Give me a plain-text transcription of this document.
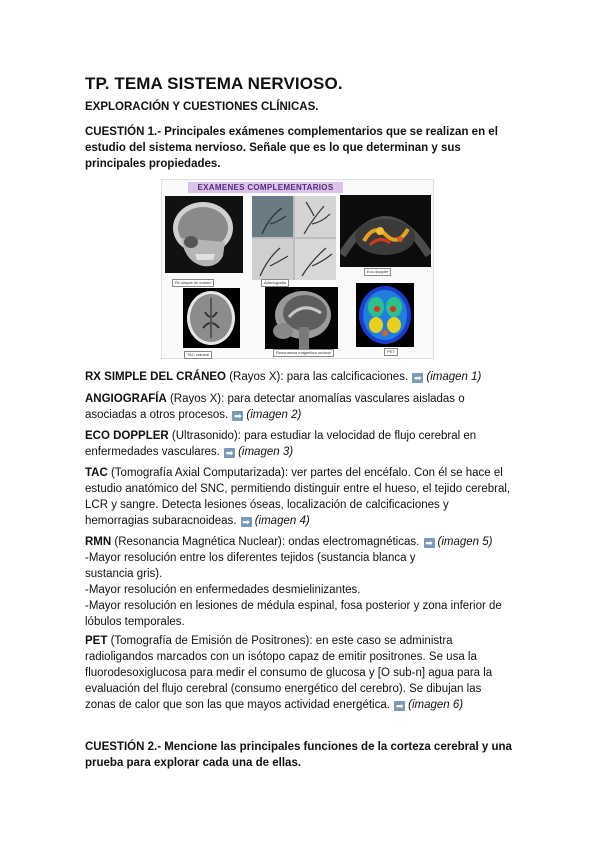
TP. TEMA SISTEMA NERVIOSO.

EXPLORACIÓN Y CUESTIONES CLÍNICAS.

CUESTIÓN 1.- Principales exámenes complementarios que se realizan en el estudio del sistema nervioso. Señale que es lo que determinan y sus principales propiedades.

EXAMENES COMPLEMENTARIOS
Rx simple de craneo	Arteriografía
Eco doppler
TAC craneal	Resonancia magnética nuclear	PET

RX SIMPLE DEL CRÁNEO (Rayos X): para las calcificaciones. ➡ (imagen 1)

ANGIOGRAFÍA (Rayos X): para detectar anomalías vasculares aisladas o asociadas a otros procesos. ➡ (imagen 2)

ECO DOPPLER (Ultrasonido): para estudiar la velocidad de flujo cerebral en enfermedades vasculares. ➡ (imagen 3)

TAC (Tomografía Axial Computarizada): ver partes del encéfalo. Con él se hace el estudio anatómico del SNC, permitiendo distinguir entre el hueso, el tejido cerebral, LCR y sangre. Detecta lesiones óseas, localización de calcificaciones y hemorragias subaracnoideas. ➡ (imagen 4)

RMN (Resonancia Magnética Nuclear): ondas electromagnéticas. ➡ (imagen 5)
-Mayor resolución entre los diferentes tejidos (sustancia blanca y sustancia gris).
-Mayor resolución en enfermedades desmielinizantes.
-Mayor resolución en lesiones de médula espinal, fosa posterior y zona inferior de lóbulos temporales.

PET (Tomografía de Emisión de Positrones): en este caso se administra radioligandos marcados con un isótopo capaz de emitir positrones. Se usa la fluorodesoxiglucosa para medir el consumo de glucosa y [O sub-n] agua para la evaluación del flujo cerebral (consumo energético del cerebro). Se dibujan las zonas de calor que son las que mayos actividad energética. ➡ (imagen 6)

CUESTIÓN 2.- Mencione las principales funciones de la corteza cerebral y una prueba para explorar cada una de ellas.
